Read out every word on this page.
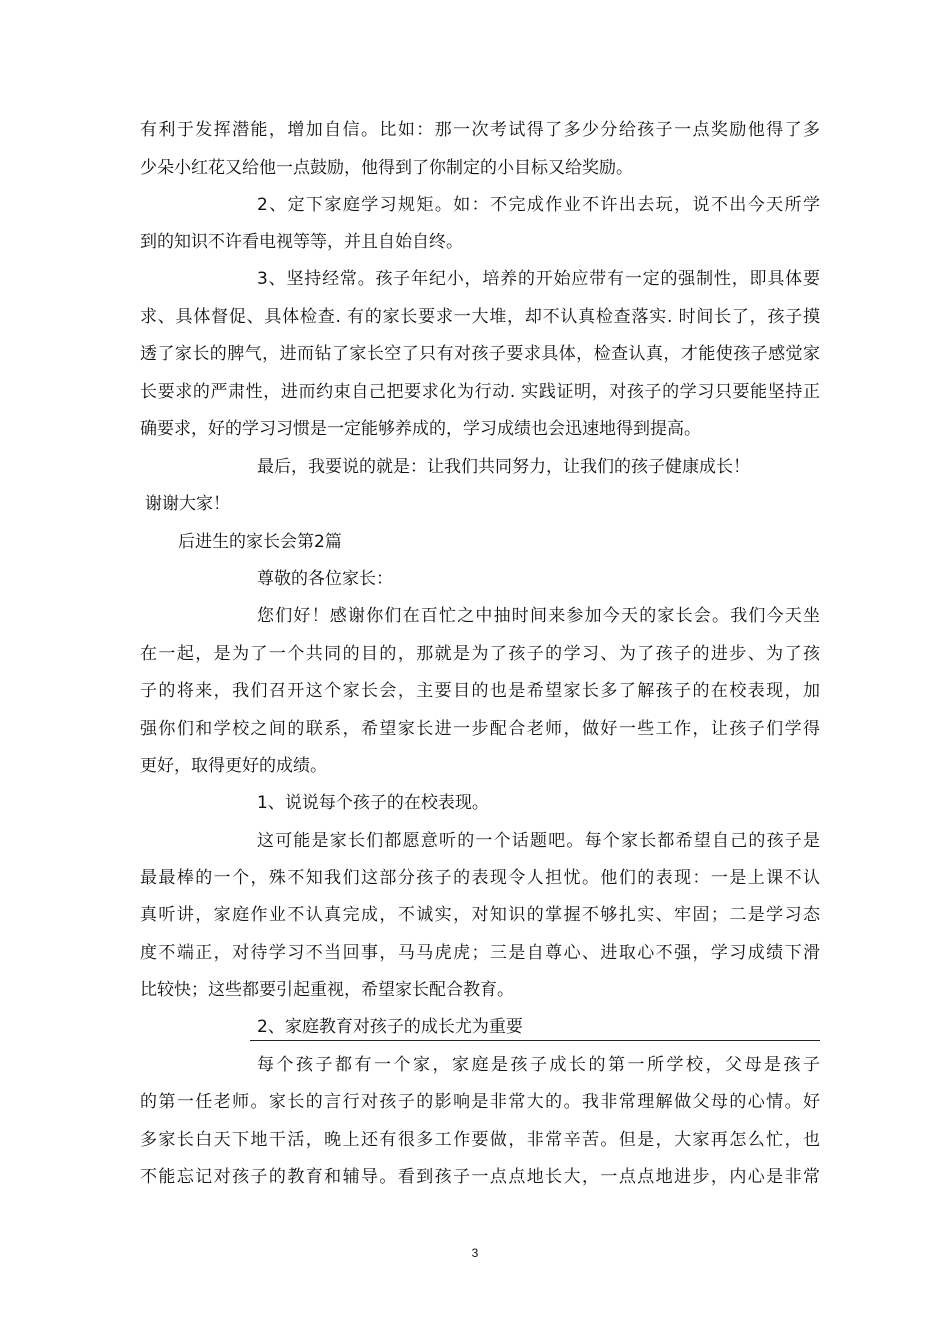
有利于发挥潜能，增加自信。比如：那一次考试得了多少分给孩子一点奖励他得了多
少朵小红花又给他一点鼓励，他得到了你制定的小目标又给奖励。
2、定下家庭学习规矩。如：不完成作业不许出去玩，说不出今天所学
到的知识不许看电视等等，并且自始自终。
3、坚持经常。孩子年纪小，培养的开始应带有一定的强制性，即具体要
求、具体督促、具体检查. 有的家长要求一大堆，却不认真检查落实. 时间长了，孩子摸
透了家长的脾气，进而钻了家长空了只有对孩子要求具体，检查认真，才能使孩子感觉家
长要求的严肃性，进而约束自己把要求化为行动. 实践证明，对孩子的学习只要能坚持正
确要求，好的学习习惯是一定能够养成的，学习成绩也会迅速地得到提高。
最后，我要说的就是：让我们共同努力，让我们的孩子健康成长！
谢谢大家！
后进生的家长会第2篇
尊敬的各位家长：
您们好！感谢你们在百忙之中抽时间来参加今天的家长会。我们今天坐
在一起，是为了一个共同的目的，那就是为了孩子的学习、为了孩子的进步、为了孩
子的将来，我们召开这个家长会，主要目的也是希望家长多了解孩子的在校表现，加
强你们和学校之间的联系，希望家长进一步配合老师，做好一些工作，让孩子们学得
更好，取得更好的成绩。
1、说说每个孩子的在校表现。
这可能是家长们都愿意听的一个话题吧。每个家长都希望自己的孩子是
最最棒的一个，殊不知我们这部分孩子的表现令人担忧。他们的表现：一是上课不认
真听讲，家庭作业不认真完成，不诚实，对知识的掌握不够扎实、牢固；二是学习态
度不端正，对待学习不当回事，马马虎虎；三是自尊心、进取心不强，学习成绩下滑
比较快；这些都要引起重视，希望家长配合教育。
2、家庭教育对孩子的成长尤为重要
每个孩子都有一个家，家庭是孩子成长的第一所学校，父母是孩子
的第一任老师。家长的言行对孩子的影响是非常大的。我非常理解做父母的心情。好
多家长白天下地干活，晚上还有很多工作要做，非常辛苦。但是，大家再怎么忙，也
不能忘记对孩子的教育和辅导。看到孩子一点点地长大，一点点地进步，内心是非常
3
